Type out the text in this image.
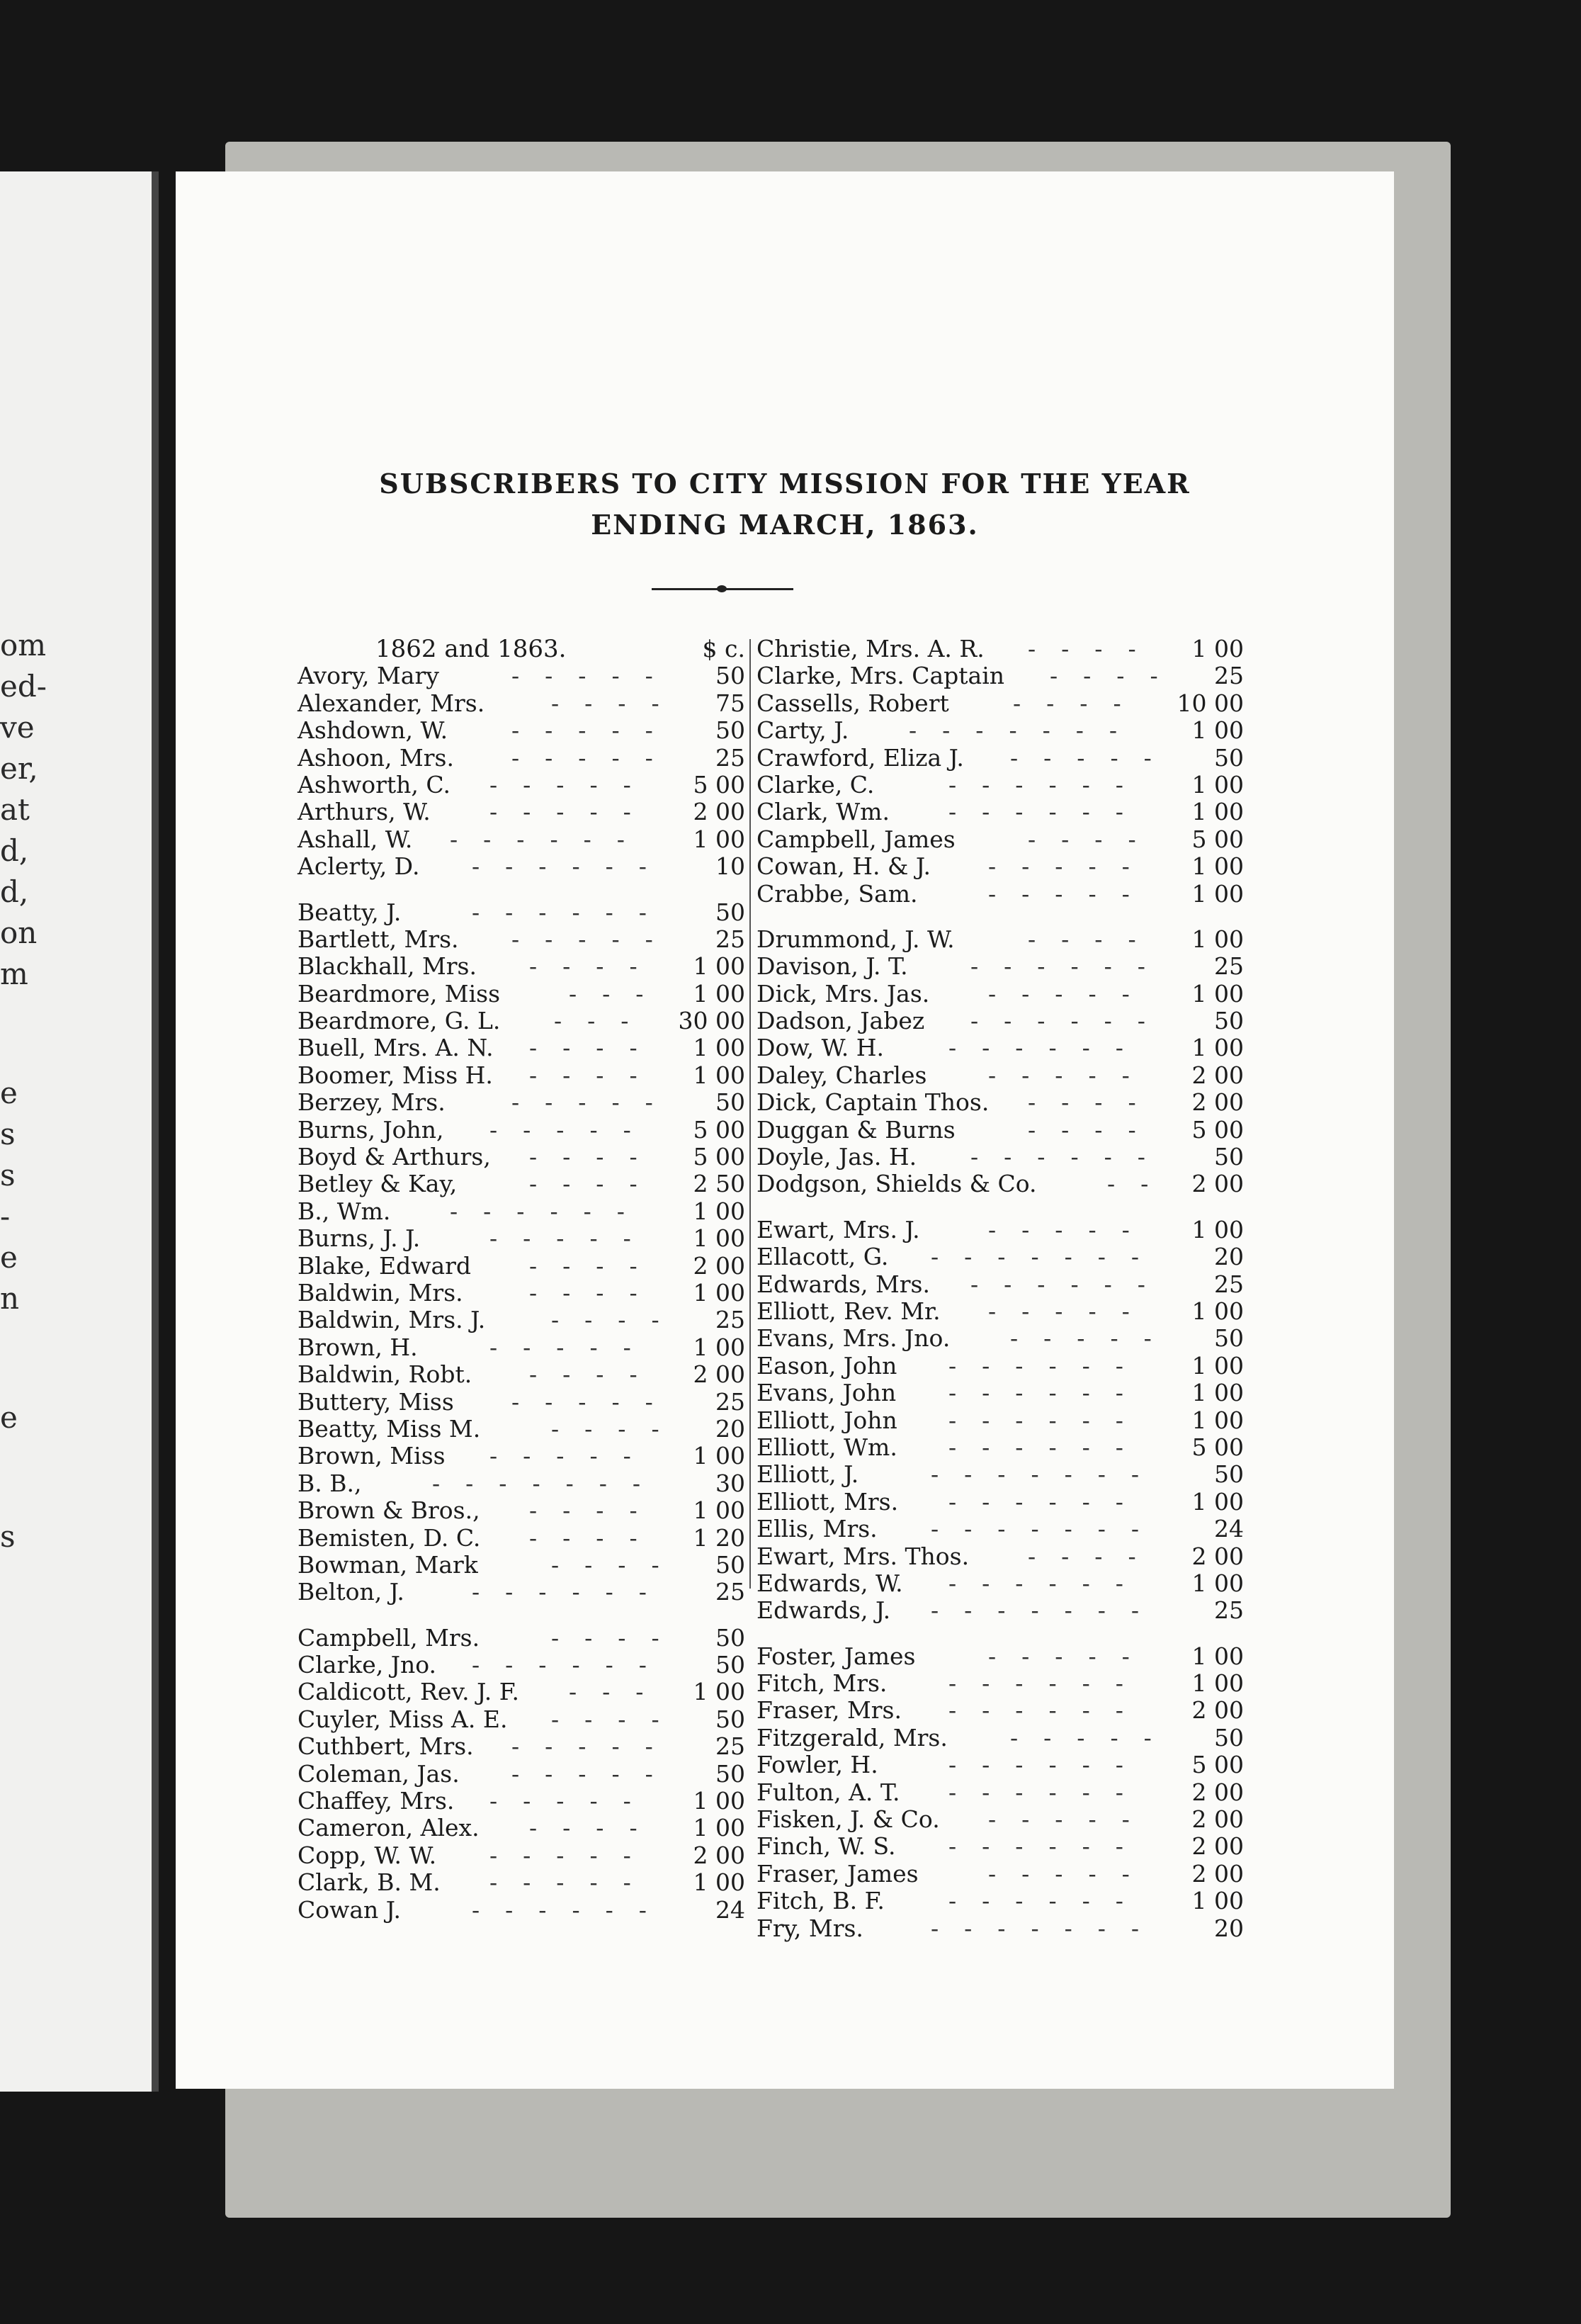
om
ed-
ve
er,
at
d,
d,
on
m
e
s
s
-
e
n
e
s
SUBSCRIBERS TO CITY MISSION FOR THE YEAR
ENDING MARCH, 1863.
1862 and 1863.	$ c.
Avory, Mary	----- 50
Alexander, Mrs.	---- 75
Ashdown, W.	----- 50
Ashoon, Mrs. ----- 25
Ashworth, C. ----- 5 00
Arthurs, W.	----- 2 00
Ashall, W. ------ 1 00
Aclerty, D. ------ 10
Beatty, J.	------ 50
Bartlett, Mrs. ----- 25
Blackhall, Mrs. ---- 1 00
Beardmore, Miss	--- 1 00
Beardmore, G. L. --- 30 00
Buell, Mrs. A. N. ---- 1 00
Boomer, Miss H. ---- 1 00
Berzey, Mrs.	----- 50
Burns, John, ----- 5 00
Boyd & Arthurs, ---- 5 00
Betley & Kay,	---- 2 50
B., Wm.	------ 1 00
Burns, J. J.	----- 1 00
Blake, Edward ---- 2 00
Baldwin, Mrs.	---- 1 00
Baldwin, Mrs. J.	---- 25
Brown, H.	----- 1 00
Baldwin, Robt. ---- 2 00
Buttery, Miss ----- 25
Beatty, Miss M.	---- 20
Brown, Miss ----- 1 00
B. B.,	------- 30
Brown & Bros., ---- 1 00
Bemisten, D. C. ---- 1 20
Bowman, Mark	---- 50
Belton, J.	------ 25
Campbell, Mrs.	---- 50
Clarke, Jno. ------ 50
Caldicott, Rev. J. F. --- 1 00
Cuyler, Miss A. E. ---- 50
Cuthbert, Mrs. ----- 25
Coleman, Jas. ----- 50
Chaffey, Mrs. ----- 1 00
Cameron, Alex. ---- 1 00
Copp, W. W. ----- 2 00
Clark, B. M. ----- 1 00
Cowan J.	------ 24
Christie, Mrs. A. R. ---- 1 00
Clarke, Mrs. Captain ---- 25
Cassells, Robert	---- 10 00
Carty, J.	------- 1 00
Crawford, Eliza J. ----- 50
Clarke, C.	------ 1 00
Clark, Wm.	------ 1 00
Campbell, James	---- 5 00
Cowan, H. & J. ----- 1 00
Crabbe, Sam.	----- 1 00
Drummond, J. W.	---- 1 00
Davison, J. T.	------ 25
Dick, Mrs. Jas.	----- 1 00
Dadson, Jabez ------ 50
Dow, W. H.	------ 1 00
Daley, Charles	----- 2 00
Dick, Captain Thos. ---- 2 00
Duggan & Burns	---- 5 00
Doyle, Jas. H. ------ 50
Dodgson, Shields & Co.	-- 2 00
Ewart, Mrs. J.	----- 1 00
Ellacott, G. ------- 20
Edwards, Mrs. ------ 25
Elliott, Rev. Mr. ----- 1 00
Evans, Mrs. Jno.	----- 50
Eason, John ------ 1 00
Evans, John ------ 1 00
Elliott, John ------ 1 00
Elliott, Wm. ------ 5 00
Elliott, J.	------- 50
Elliott, Mrs. ------ 1 00
Ellis, Mrs. ------- 24
Ewart, Mrs. Thos.	---- 2 00
Edwards, W. ------ 1 00
Edwards, J. ------- 25
Foster, James	----- 1 00
Fitch, Mrs.	------ 1 00
Fraser, Mrs. ------ 2 00
Fitzgerald, Mrs.	----- 50
Fowler, H.	------ 5 00
Fulton, A. T. ------ 2 00
Fisken, J. & Co. ----- 2 00
Finch, W. S. ------ 2 00
Fraser, James	----- 2 00
Fitch, B. F.	------ 1 00
Fry, Mrs.	------- 20
